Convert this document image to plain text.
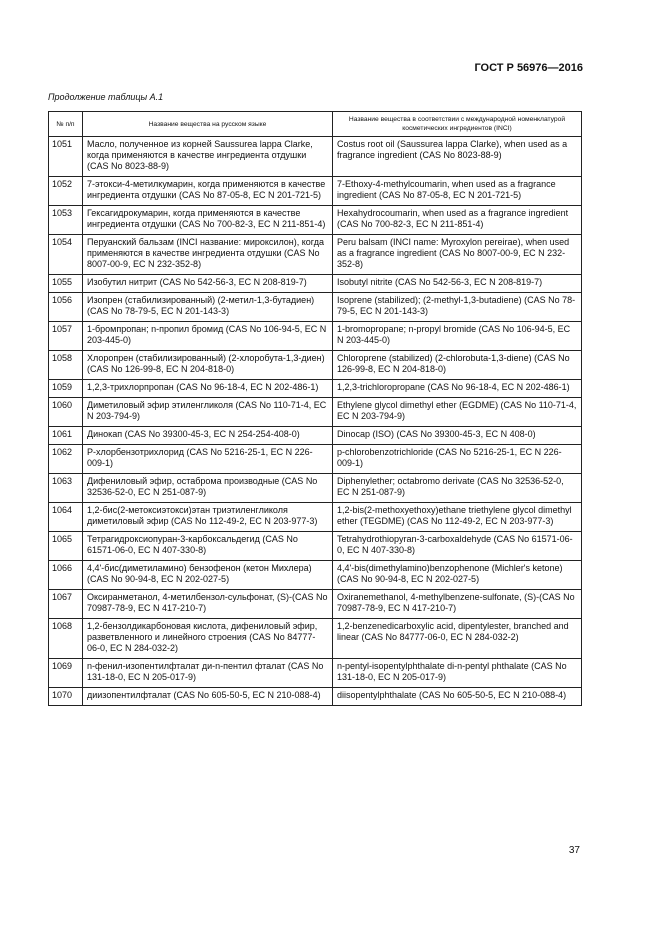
ГОСТ Р 56976—2016
Продолжение таблицы А.1
№ п/п	Название вещества на русском языке	Название вещества в соответствии с международной номенклатурой косметических ингредиентов (INCI)
1051	Масло, полученное из корней Saussurea lappa Clarke, когда применяются в качестве ингредиента отдушки (CAS No 8023-88-9)	Costus root oil (Saussurea lappa Clarke), when used as a fragrance ingredient (CAS No 8023-88-9)
1052	7-этокси-4-метилкумарин, когда применяются в качестве ингредиента отдушки (CAS No 87-05-8, EC N 201-721-5)	7-Ethoxy-4-methylcoumarin, when used as a fragrance ingredient (CAS No 87-05-8, EC N 201-721-5)
1053	Гексагидрокумарин, когда применяются в качестве ингредиента отдушки (CAS No 700-82-3, EC N 211-851-4)	Hexahydrocoumarin, when used as a fragrance ingredient (CAS No 700-82-3, EC N 211-851-4)
1054	Перуанский бальзам (INCI название: мироксилон), когда применяются в качестве ингредиента отдушки (CAS No 8007-00-9, EC N 232-352-8)	Peru balsam (INCI name: Myroxylon pereirae), when used as a fragrance ingredient (CAS No 8007-00-9, EC N 232-352-8)
1055	Изобутил нитрит (CAS No 542-56-3, EC N 208-819-7)	Isobutyl nitrite (CAS No 542-56-3, EC N 208-819-7)
1056	Изопрен (стабилизированный) (2-метил-1,3-бутадиен) (CAS No 78-79-5, EC N 201-143-3)	Isoprene (stabilized); (2-methyl-1,3-butadiene) (CAS No 78-79-5, EC N 201-143-3)
1057	1-бромпропан; n-пропил бромид (CAS No 106-94-5, EC N 203-445-0)	1-bromopropane; n-propyl bromide (CAS No 106-94-5, EC N 203-445-0)
1058	Хлоропрен (стабилизированный) (2-хлоробута-1,3-диен) (CAS No 126-99-8, EC N 204-818-0)	Chloroprene (stabilized) (2-chlorobuta-1,3-diene) (CAS No 126-99-8, EC N 204-818-0)
1059	1,2,3-трихлорпропан (CAS No 96-18-4, EC N 202-486-1)	1,2,3-trichloropropane (CAS No 96-18-4, EC N 202-486-1)
1060	Диметиловый эфир этиленгликоля (CAS No 110-71-4, EC N 203-794-9)	Ethylene glycol dimethyl ether (EGDME) (CAS No 110-71-4, EC N 203-794-9)
1061	Динокап (CAS No 39300-45-3, EC N 254-254-408-0)	Dinocap (ISO) (CAS No 39300-45-3, EC N 408-0)
1062	Р-хлорбензотрихлорид (CAS No 5216-25-1, EC N 226-009-1)	p-chlorobenzotrichloride (CAS No 5216-25-1, EC N 226-009-1)
1063	Дифениловый эфир, остаброма производные (CAS No 32536-52-0, EC N 251-087-9)	Diphenylether; octabromo derivate (CAS No 32536-52-0, EC N 251-087-9)
1064	1,2-бис(2-метоксиэтокси)этан триэтиленгликоля диметиловый эфир (CAS No 112-49-2, EC N 203-977-3)	1,2-bis(2-methoxyethoxy)ethane triethylene glycol dimethyl ether (TEGDME) (CAS No 112-49-2, EC N 203-977-3)
1065	Тетрагидроксиопуран-3-карбоксальдегид (CAS No 61571-06-0, EC N 407-330-8)	Tetrahydrothiopyran-3-carboxaldehyde (CAS No 61571-06-0, EC N 407-330-8)
1066	4,4'-бис(диметиламино) бензофенон (кетон Михлера) (CAS No 90-94-8, EC N 202-027-5)	4,4'-bis(dimethylamino)benzophenone (Michler's ketone) (CAS No 90-94-8, EC N 202-027-5)
1067	Оксиранметанол, 4-метилбензол-сульфонат, (S)-(CAS No 70987-78-9, EC N 417-210-7)	Oxiranemethanol, 4-methylbenzene-sulfonate, (S)-(CAS No 70987-78-9, EC N 417-210-7)
1068	1,2-бензолдикарбоновая кислота, дифениловый эфир, разветвленного и линейного строения (CAS No 84777-06-0, EC N 284-032-2)	1,2-benzenedicarboxylic acid, dipentylester, branched and linear (CAS No 84777-06-0, EC N 284-032-2)
1069	n-фенил-изопентилфталат ди-n-пентил фталат (CAS No 131-18-0, EC N 205-017-9)	n-pentyl-isopentylphthalate di-n-pentyl phthalate (CAS No 131-18-0, EC N 205-017-9)
1070	диизопентилфталат (CAS No 605-50-5, EC N 210-088-4)	diisopentylphthalate (CAS No 605-50-5, EC N 210-088-4)
37
